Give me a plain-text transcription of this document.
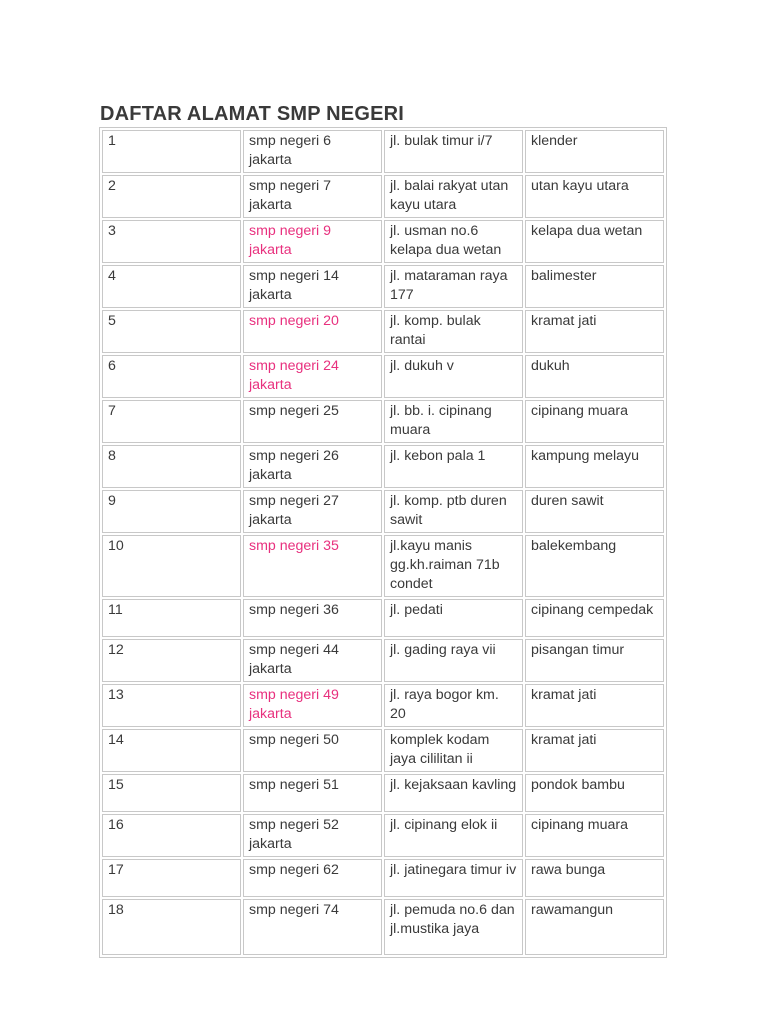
DAFTAR ALAMAT SMP NEGERI
1	smp negeri 6 jakarta	jl. bulak timur i/7	klender
2	smp negeri 7 jakarta	jl. balai rakyat utan kayu utara	utan kayu utara
3	smp negeri 9 jakarta	jl. usman no.6 kelapa dua wetan	kelapa dua wetan
4	smp negeri 14 jakarta	jl. mataraman raya 177	balimester
5	smp negeri 20	jl. komp. bulak rantai	kramat jati
6	smp negeri 24 jakarta	jl. dukuh v	dukuh
7	smp negeri 25	jl. bb. i. cipinang muara	cipinang muara
8	smp negeri 26 jakarta	jl. kebon pala 1	kampung melayu
9	smp negeri 27 jakarta	jl. komp. ptb duren sawit	duren sawit
10	smp negeri 35	jl.kayu manis gg.kh.raiman 71b condet	balekembang
11	smp negeri 36	jl. pedati	cipinang cempedak
12	smp negeri 44 jakarta	jl. gading raya vii	pisangan timur
13	smp negeri 49 jakarta	jl. raya bogor km. 20	kramat jati
14	smp negeri 50	komplek kodam jaya cililitan ii	kramat jati
15	smp negeri 51	jl. kejaksaan kavling	pondok bambu
16	smp negeri 52 jakarta	jl. cipinang elok ii	cipinang muara
17	smp negeri 62	jl. jatinegara timur iv	rawa bunga
18	smp negeri 74	jl. pemuda no.6 dan jl.mustika jaya	rawamangun
